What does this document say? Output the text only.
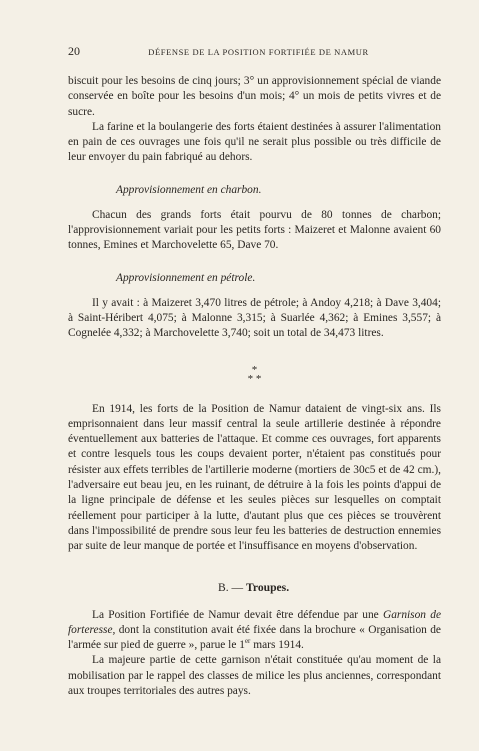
20	DÉFENSE DE LA POSITION FORTIFIÉE DE NAMUR

biscuit pour les besoins de cinq jours; 3° un approvisionnement spécial de viande conservée en boîte pour les besoins d'un mois; 4° un mois de petits vivres et de sucre.

La farine et la boulangerie des forts étaient destinées à assurer l'alimentation en pain de ces ouvrages une fois qu'il ne serait plus possible ou très difficile de leur envoyer du pain fabriqué au dehors.

Approvisionnement en charbon.

Chacun des grands forts était pourvu de 80 tonnes de charbon; l'approvisionnement variait pour les petits forts : Maizeret et Malonne avaient 60 tonnes, Emines et Marchovelette 65, Dave 70.

Approvisionnement en pétrole.

Il y avait : à Maizeret 3,470 litres de pétrole; à Andoy 4,218; à Dave 3,404; à Saint-Héribert 4,075; à Malonne 3,315; à Suarlée 4,362; à Emines 3,557; à Cognelée 4,332; à Marchovelette 3,740; soit un total de 34,473 litres.

*
* *

En 1914, les forts de la Position de Namur dataient de vingt-six ans. Ils emprisonnaient dans leur massif central la seule artillerie destinée à répondre éventuellement aux batteries de l'attaque. Et comme ces ouvrages, fort apparents et contre lesquels tous les coups devaient porter, n'étaient pas constitués pour résister aux effets terribles de l'artillerie moderne (mortiers de 30c5 et de 42 cm.), l'adversaire eut beau jeu, en les ruinant, de détruire à la fois les points d'appui de la ligne principale de défense et les seules pièces sur lesquelles on comptait réellement pour participer à la lutte, d'autant plus que ces pièces se trouvèrent dans l'impossibilité de prendre sous leur feu les batteries de destruction ennemies par suite de leur manque de portée et l'insuffisance en moyens d'observation.

B. — Troupes.

La Position Fortifiée de Namur devait être défendue par une Garnison de forteresse, dont la constitution avait été fixée dans la brochure « Organisation de l'armée sur pied de guerre », parue le 1er mars 1914.

La majeure partie de cette garnison n'était constituée qu'au moment de la mobilisation par le rappel des classes de milice les plus anciennes, correspondant aux troupes territoriales des autres pays.
